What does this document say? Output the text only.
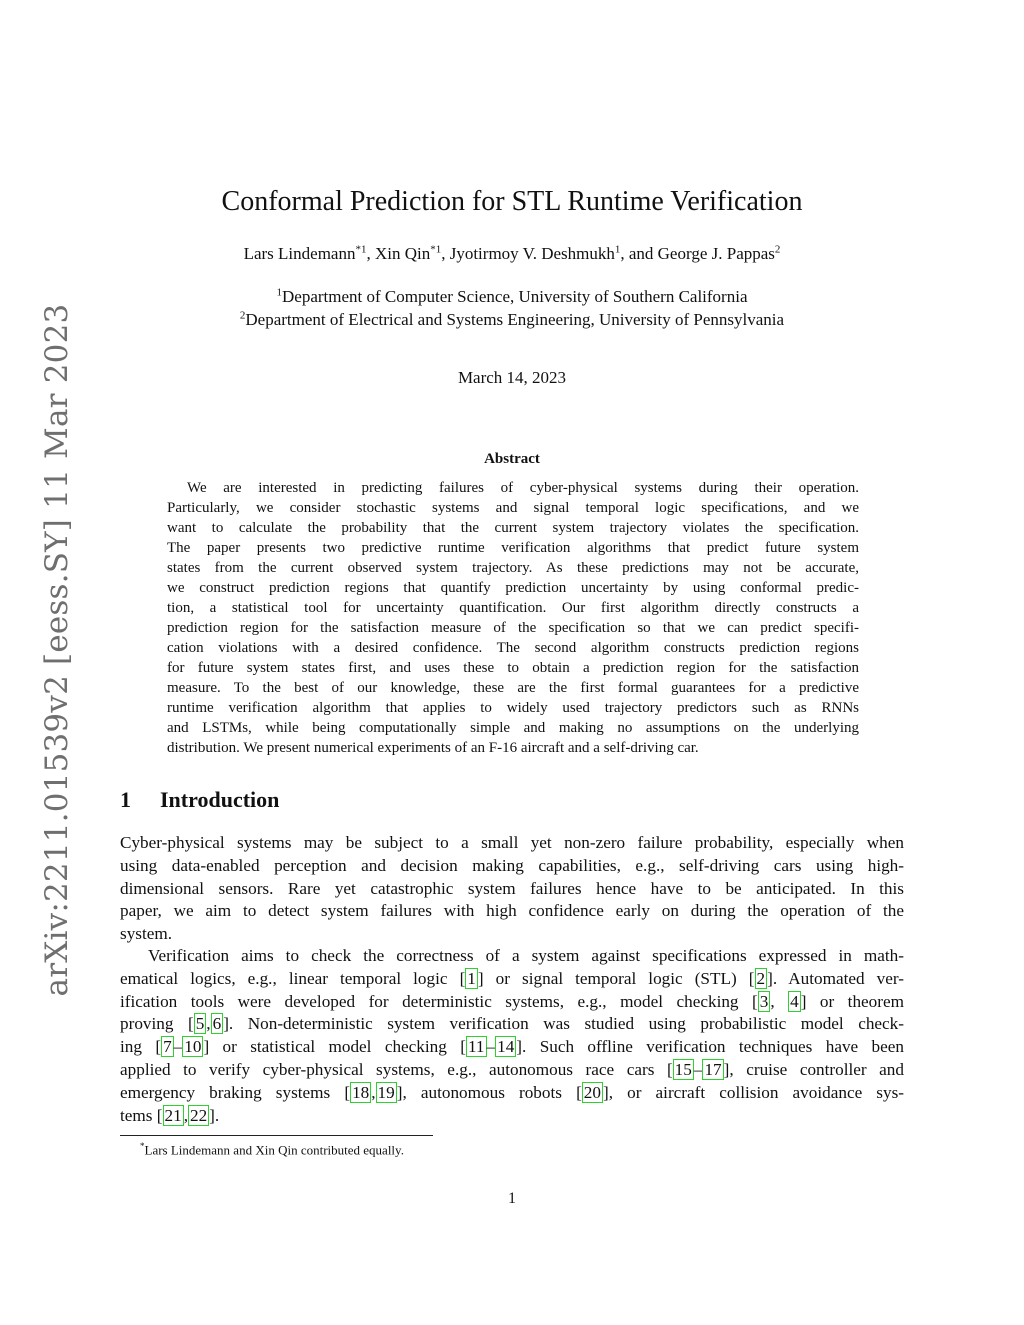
arXiv:2211.01539v2 [eess.SY] 11 Mar 2023
Conformal Prediction for STL Runtime Verification
Lars Lindemann$^{*1}$, Xin Qin$^{*1}$, Jyotirmoy V. Deshmukh$^1$, and George J. Pappas$^2$
$^1$Department of Computer Science, University of Southern California
$^2$Department of Electrical and Systems Engineering, University of Pennsylvania
March 14, 2023
Abstract
We are interested in predicting failures of cyber-physical systems during their operation.
Particularly, we consider stochastic systems and signal temporal logic specifications, and we
want to calculate the probability that the current system trajectory violates the specification.
The paper presents two predictive runtime verification algorithms that predict future system
states from the current observed system trajectory. As these predictions may not be accurate,
we construct prediction regions that quantify prediction uncertainty by using conformal predic-
tion, a statistical tool for uncertainty quantification. Our first algorithm directly constructs a
prediction region for the satisfaction measure of the specification so that we can predict specifi-
cation violations with a desired confidence. The second algorithm constructs prediction regions
for future system states first, and uses these to obtain a prediction region for the satisfaction
measure. To the best of our knowledge, these are the first formal guarantees for a predictive
runtime verification algorithm that applies to widely used trajectory predictors such as RNNs
and LSTMs, while being computationally simple and making no assumptions on the underlying
distribution. We present numerical experiments of an F-16 aircraft and a self-driving car.
1 Introduction
Cyber-physical systems may be subject to a small yet non-zero failure probability, especially when
using data-enabled perception and decision making capabilities, e.g., self-driving cars using high-
dimensional sensors. Rare yet catastrophic system failures hence have to be anticipated. In this
paper, we aim to detect system failures with high confidence early on during the operation of the
system.
Verification aims to check the correctness of a system against specifications expressed in math-
ematical logics, e.g., linear temporal logic [ 1 ] or signal temporal logic (STL) [ 2 ]. Automated ver-
ification tools were developed for deterministic systems, e.g., model checking [ 3 , 4 ] or theorem
proving [ 5 , 6 ]. Non-deterministic system verification was studied using probabilistic model check-
ing [ 7 – 10 ] or statistical model checking [ 11 – 14 ]. Such offline verification techniques have been
applied to verify cyber-physical systems, e.g., autonomous race cars [ 15 – 17 ], cruise controller and
emergency braking systems [ 18 , 19 ], autonomous robots [ 20 ], or aircraft collision avoidance sys-
tems [ 21 , 22 ].
*Lars Lindemann and Xin Qin contributed equally.
1
